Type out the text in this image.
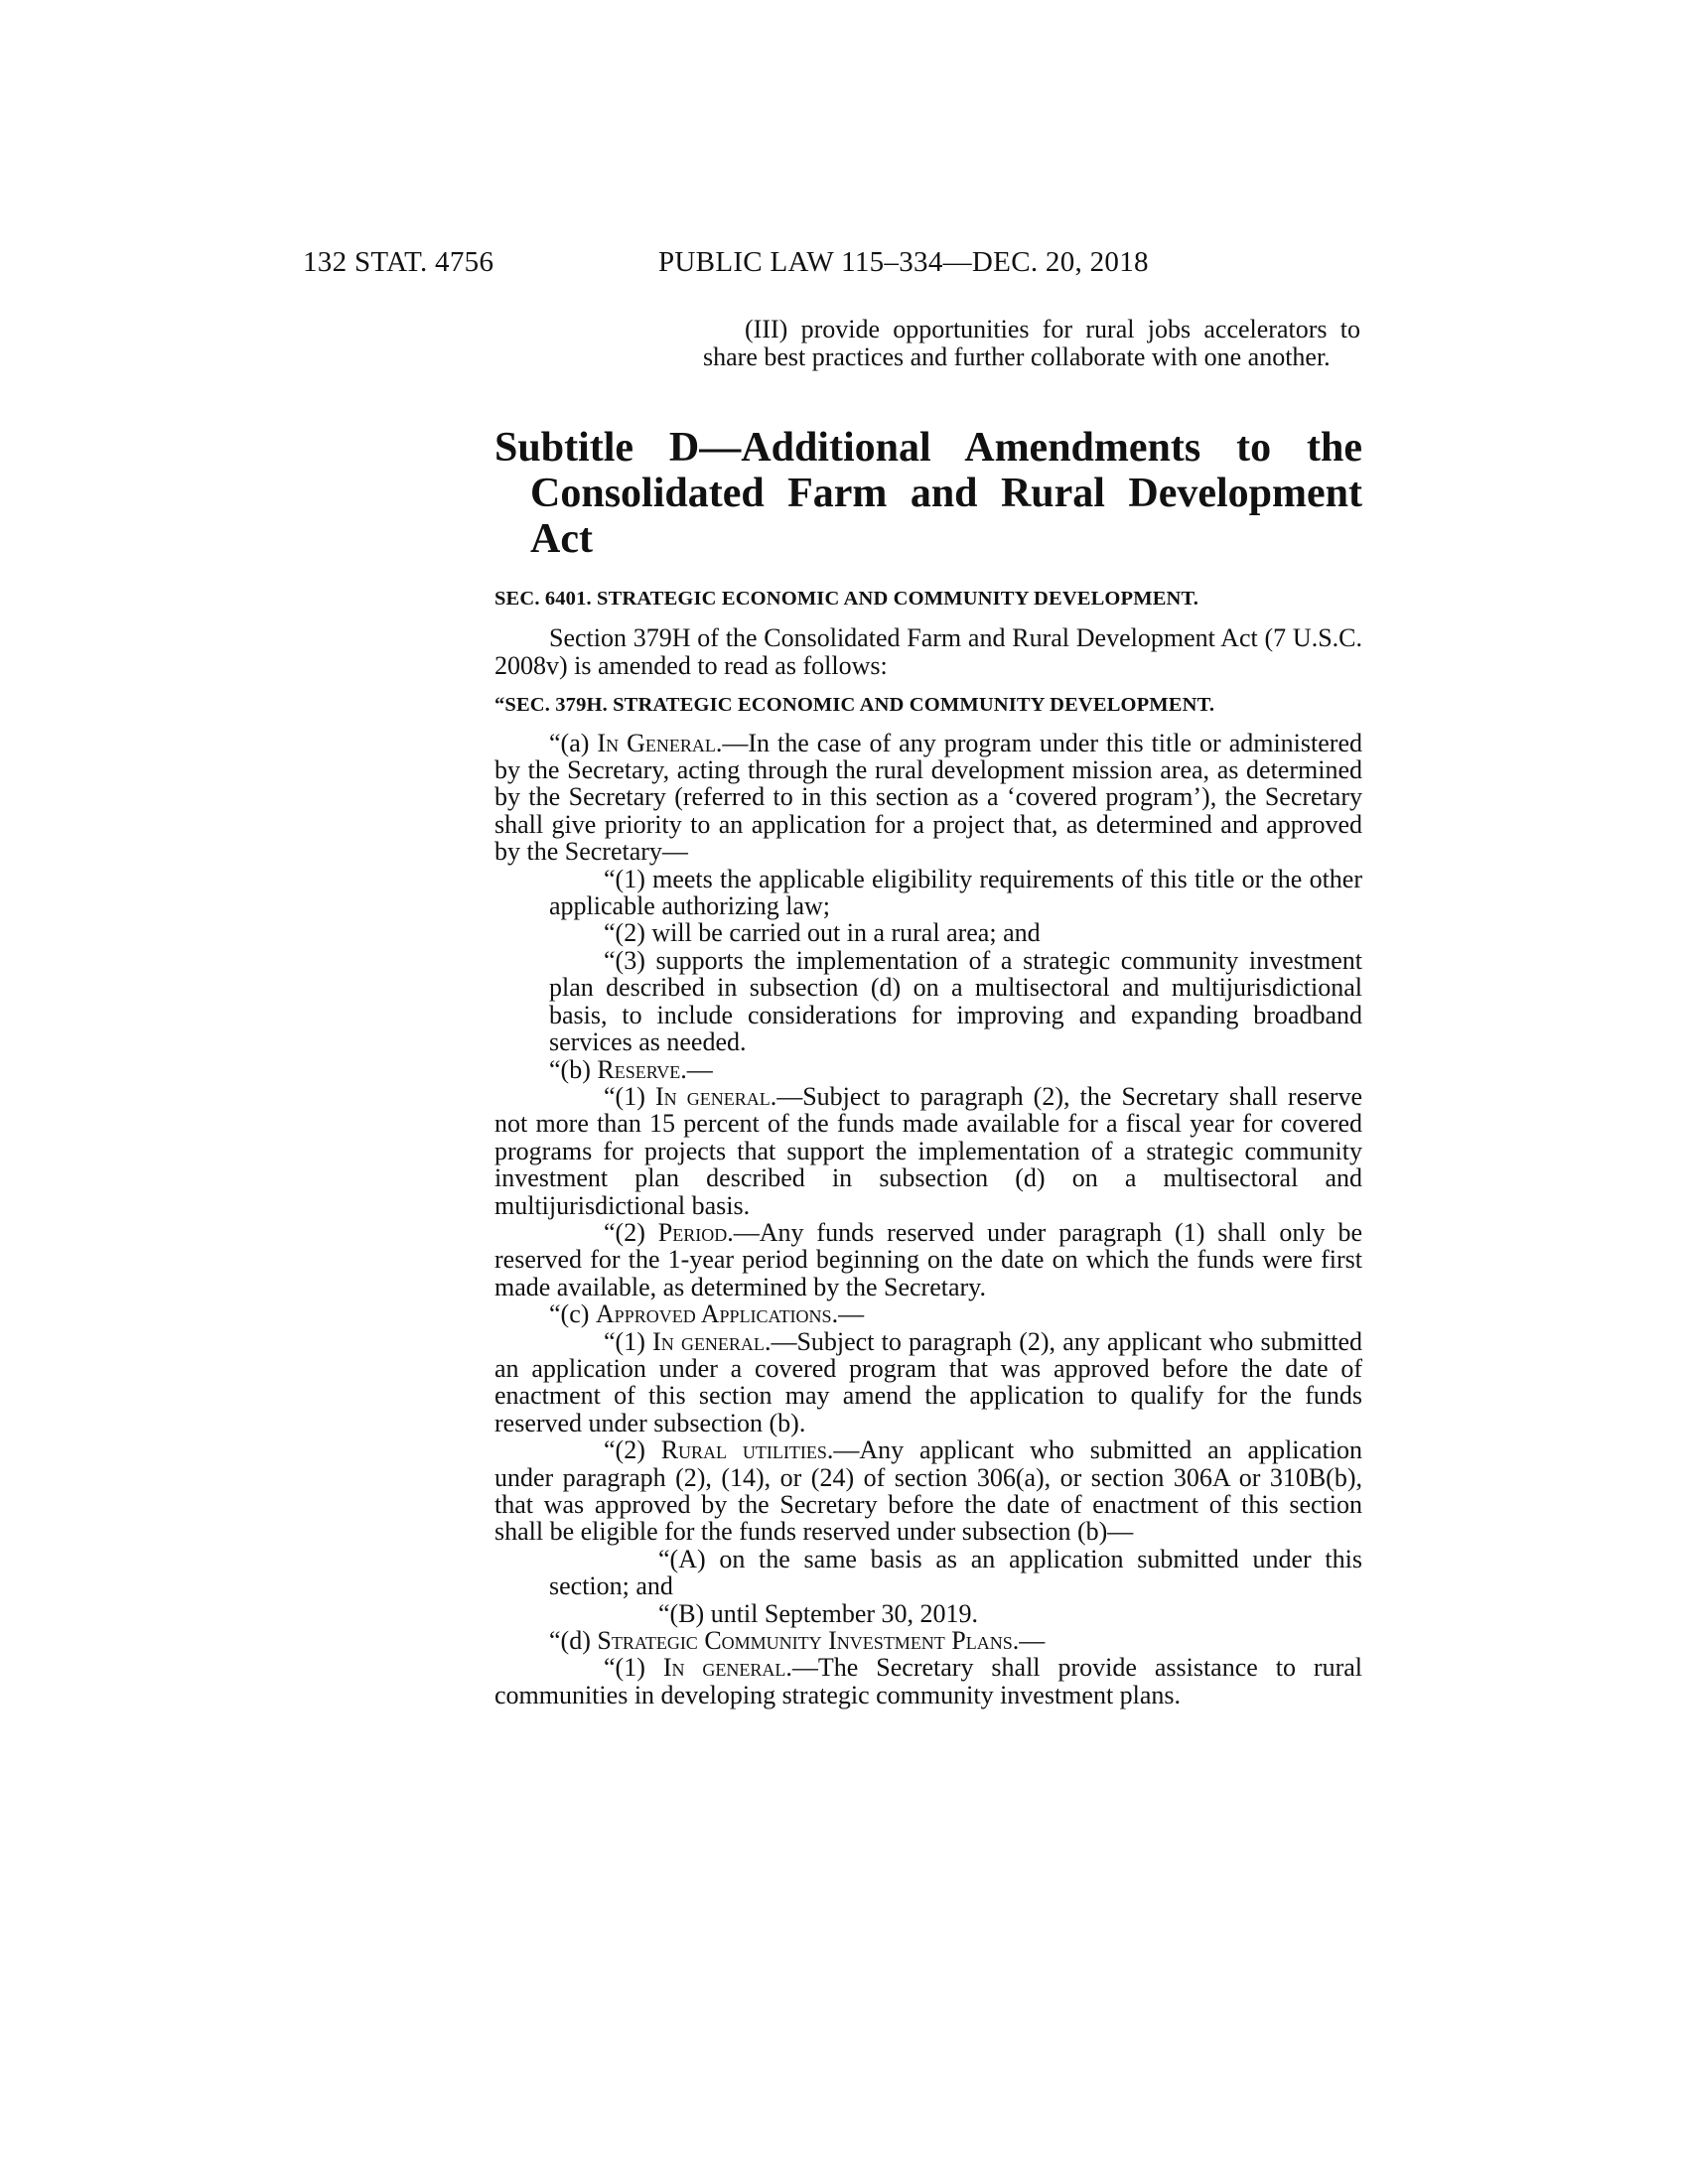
132 STAT. 4756	PUBLIC LAW 115–334—DEC. 20, 2018

(III) provide opportunities for rural jobs accelerators to share best practices and further collaborate with one another.

Subtitle D—Additional Amendments to the Consolidated Farm and Rural Development Act

SEC. 6401. STRATEGIC ECONOMIC AND COMMUNITY DEVELOPMENT.

Section 379H of the Consolidated Farm and Rural Development Act (7 U.S.C. 2008v) is amended to read as follows:

“SEC. 379H. STRATEGIC ECONOMIC AND COMMUNITY DEVELOPMENT.

“(a) In General.—In the case of any program under this title or administered by the Secretary, acting through the rural development mission area, as determined by the Secretary (referred to in this section as a ‘covered program’), the Secretary shall give priority to an application for a project that, as determined and approved by the Secretary—

“(1) meets the applicable eligibility requirements of this title or the other applicable authorizing law;

“(2) will be carried out in a rural area; and

“(3) supports the implementation of a strategic community investment plan described in subsection (d) on a multisectoral and multijurisdictional basis, to include considerations for improving and expanding broadband services as needed.

“(b) Reserve.—

“(1) In general.—Subject to paragraph (2), the Secretary shall reserve not more than 15 percent of the funds made available for a fiscal year for covered programs for projects that support the implementation of a strategic community investment plan described in subsection (d) on a multisectoral and multijurisdictional basis.

“(2) Period.—Any funds reserved under paragraph (1) shall only be reserved for the 1-year period beginning on the date on which the funds were first made available, as determined by the Secretary.

“(c) Approved Applications.—

“(1) In general.—Subject to paragraph (2), any applicant who submitted an application under a covered program that was approved before the date of enactment of this section may amend the application to qualify for the funds reserved under subsection (b).

“(2) Rural utilities.—Any applicant who submitted an application under paragraph (2), (14), or (24) of section 306(a), or section 306A or 310B(b), that was approved by the Secretary before the date of enactment of this section shall be eligible for the funds reserved under subsection (b)—

“(A) on the same basis as an application submitted under this section; and

“(B) until September 30, 2019.

“(d) Strategic Community Investment Plans.—

“(1) In general.—The Secretary shall provide assistance to rural communities in developing strategic community investment plans.
